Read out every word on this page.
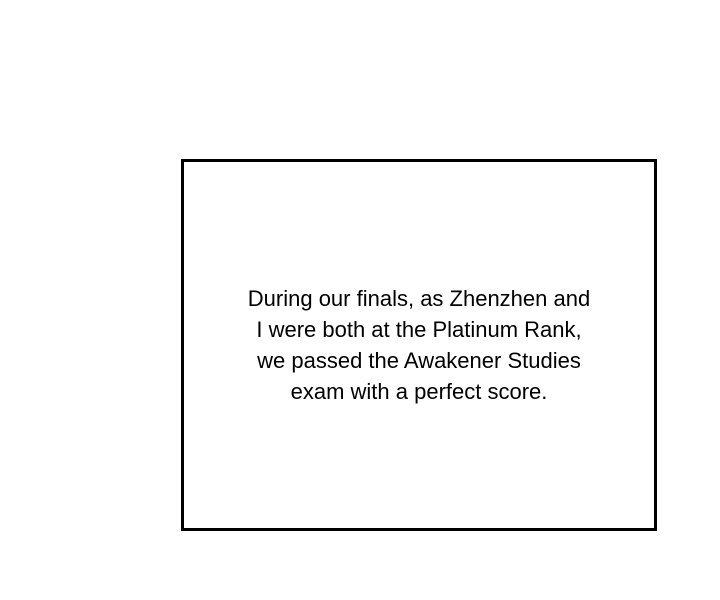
During our finals, as Zhenzhen and
I were both at the Platinum Rank,
we passed the Awakener Studies
exam with a perfect score.
